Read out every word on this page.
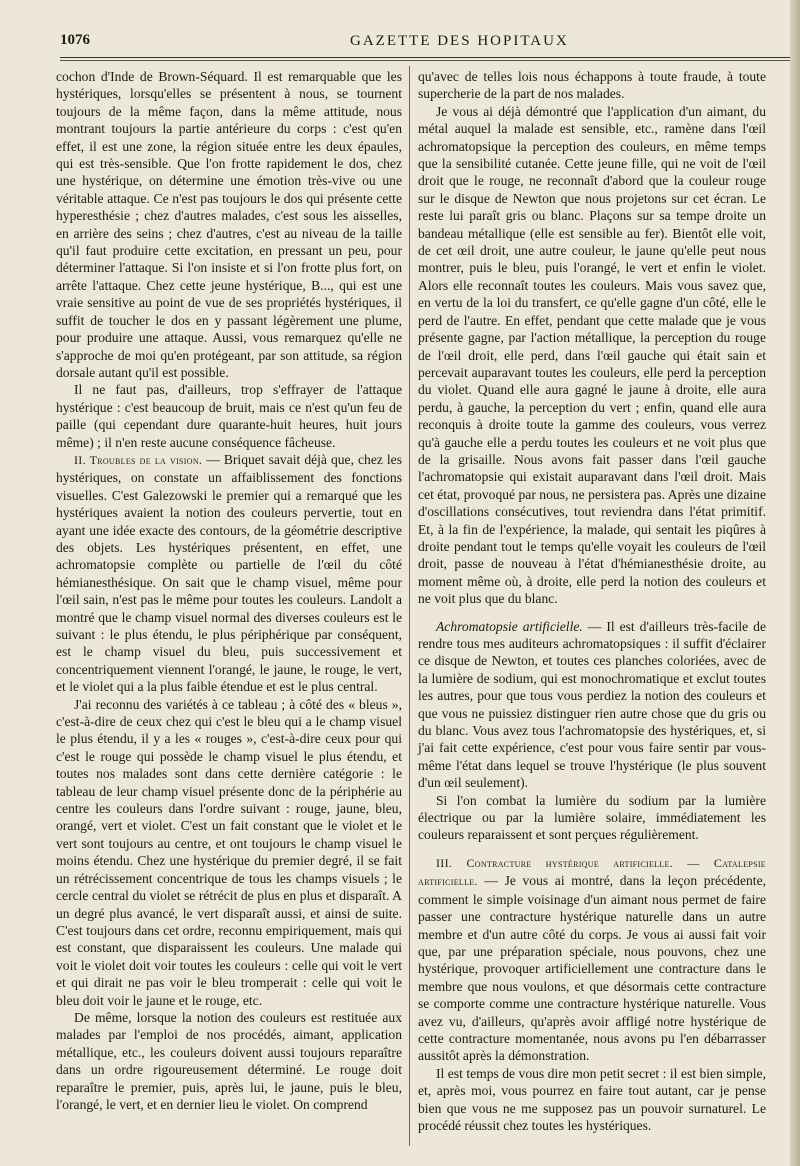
1076	GAZETTE DES HOPITAUX

cochon d'Inde de Brown-Séquard. Il est remarquable que les hystériques, lorsqu'elles se présentent à nous, se tournent toujours de la même façon, dans la même attitude, nous montrant toujours la partie antérieure du corps : c'est qu'en effet, il est une zone, la région située entre les deux épaules, qui est très-sensible. Que l'on frotte rapidement le dos, chez une hystérique, on détermine une émotion très-vive ou une véritable attaque. Ce n'est pas toujours le dos qui présente cette hyperesthésie ; chez d'autres malades, c'est sous les aisselles, en arrière des seins ; chez d'autres, c'est au niveau de la taille qu'il faut produire cette excitation, en pressant un peu, pour déterminer l'attaque. Si l'on insiste et si l'on frotte plus fort, on arrête l'attaque. Chez cette jeune hystérique, B..., qui est une vraie sensitive au point de vue de ses propriétés hystériques, il suffit de toucher le dos en y passant légèrement une plume, pour produire une attaque. Aussi, vous remarquez qu'elle ne s'approche de moi qu'en protégeant, par son attitude, sa région dorsale autant qu'il est possible.

Il ne faut pas, d'ailleurs, trop s'effrayer de l'attaque hystérique : c'est beaucoup de bruit, mais ce n'est qu'un feu de paille (qui cependant dure quarante-huit heures, huit jours même) ; il n'en reste aucune conséquence fâcheuse.

II. Troubles de la vision. — Briquet savait déjà que, chez les hystériques, on constate un affaiblissement des fonctions visuelles. C'est Galezowski le premier qui a remarqué que les hystériques avaient la notion des couleurs pervertie, tout en ayant une idée exacte des contours, de la géométrie descriptive des objets. Les hystériques présentent, en effet, une achromatopsie complète ou partielle de l'œil du côté hémianesthésique. On sait que le champ visuel, même pour l'œil sain, n'est pas le même pour toutes les couleurs. Landolt a montré que le champ visuel normal des diverses couleurs est le suivant : le plus étendu, le plus périphérique par conséquent, est le champ visuel du bleu, puis successivement et concentriquement viennent l'orangé, le jaune, le rouge, le vert, et le violet qui a la plus faible étendue et est le plus central.

J'ai reconnu des variétés à ce tableau ; à côté des « bleus », c'est-à-dire de ceux chez qui c'est le bleu qui a le champ visuel le plus étendu, il y a les « rouges », c'est-à-dire ceux pour qui c'est le rouge qui possède le champ visuel le plus étendu, et toutes nos malades sont dans cette dernière catégorie : le tableau de leur champ visuel présente donc de la périphérie au centre les couleurs dans l'ordre suivant : rouge, jaune, bleu, orangé, vert et violet. C'est un fait constant que le violet et le vert sont toujours au centre, et ont toujours le champ visuel le moins étendu. Chez une hystérique du premier degré, il se fait un rétrécissement concentrique de tous les champs visuels ; le cercle central du violet se rétrécit de plus en plus et disparaît. A un degré plus avancé, le vert disparaît aussi, et ainsi de suite. C'est toujours dans cet ordre, reconnu empiriquement, mais qui est constant, que disparaissent les couleurs. Une malade qui voit le violet doit voir toutes les couleurs : celle qui voit le vert et qui dirait ne pas voir le bleu tromperait : celle qui voit le bleu doit voir le jaune et le rouge, etc.

De même, lorsque la notion des couleurs est restituée aux malades par l'emploi de nos procédés, aimant, application métallique, etc., les couleurs doivent aussi toujours reparaître dans un ordre rigoureusement déterminé. Le rouge doit reparaître le premier, puis, après lui, le jaune, puis le bleu, l'orangé, le vert, et en dernier lieu le violet. On comprend

qu'avec de telles lois nous échappons à toute fraude, à toute supercherie de la part de nos malades.

Je vous ai déjà démontré que l'application d'un aimant, du métal auquel la malade est sensible, etc., ramène dans l'œil achromatopsique la perception des couleurs, en même temps que la sensibilité cutanée. Cette jeune fille, qui ne voit de l'œil droit que le rouge, ne reconnaît d'abord que la couleur rouge sur le disque de Newton que nous projetons sur cet écran. Le reste lui paraît gris ou blanc. Plaçons sur sa tempe droite un bandeau métallique (elle est sensible au fer). Bientôt elle voit, de cet œil droit, une autre couleur, le jaune qu'elle peut nous montrer, puis le bleu, puis l'orangé, le vert et enfin le violet. Alors elle reconnaît toutes les couleurs. Mais vous savez que, en vertu de la loi du transfert, ce qu'elle gagne d'un côté, elle le perd de l'autre. En effet, pendant que cette malade que je vous présente gagne, par l'action métallique, la perception du rouge de l'œil droit, elle perd, dans l'œil gauche qui était sain et percevait auparavant toutes les couleurs, elle perd la perception du violet. Quand elle aura gagné le jaune à droite, elle aura perdu, à gauche, la perception du vert ; enfin, quand elle aura reconquis à droite toute la gamme des couleurs, vous verrez qu'à gauche elle a perdu toutes les couleurs et ne voit plus que de la grisaille. Nous avons fait passer dans l'œil gauche l'achromatopsie qui existait auparavant dans l'œil droit. Mais cet état, provoqué par nous, ne persistera pas. Après une dizaine d'oscillations consécutives, tout reviendra dans l'état primitif. Et, à la fin de l'expérience, la malade, qui sentait les piqûres à droite pendant tout le temps qu'elle voyait les couleurs de l'œil droit, passe de nouveau à l'état d'hémianesthésie droite, au moment même où, à droite, elle perd la notion des couleurs et ne voit plus que du blanc.

Achromatopsie artificielle. — Il est d'ailleurs très-facile de rendre tous mes auditeurs achromatopsiques : il suffit d'éclairer ce disque de Newton, et toutes ces planches coloriées, avec de la lumière de sodium, qui est monochromatique et exclut toutes les autres, pour que tous vous perdiez la notion des couleurs et que vous ne puissiez distinguer rien autre chose que du gris ou du blanc. Vous avez tous l'achromatopsie des hystériques, et, si j'ai fait cette expérience, c'est pour vous faire sentir par vous-même l'état dans lequel se trouve l'hystérique (le plus souvent d'un œil seulement).

Si l'on combat la lumière du sodium par la lumière électrique ou par la lumière solaire, immédiatement les couleurs reparaissent et sont perçues régulièrement.

III. Contracture hystérique artificielle. — Catalepsie artificielle. — Je vous ai montré, dans la leçon précédente, comment le simple voisinage d'un aimant nous permet de faire passer une contracture hystérique naturelle dans un autre membre et d'un autre côté du corps. Je vous ai aussi fait voir que, par une préparation spéciale, nous pouvons, chez une hystérique, provoquer artificiellement une contracture dans le membre que nous voulons, et que désormais cette contracture se comporte comme une contracture hystérique naturelle. Vous avez vu, d'ailleurs, qu'après avoir affligé notre hystérique de cette contracture momentanée, nous avons pu l'en débarrasser aussitôt après la démonstration.

Il est temps de vous dire mon petit secret : il est bien simple, et, après moi, vous pourrez en faire tout autant, car je pense bien que vous ne me supposez pas un pouvoir surnaturel. Le procédé réussit chez toutes les hystériques.
